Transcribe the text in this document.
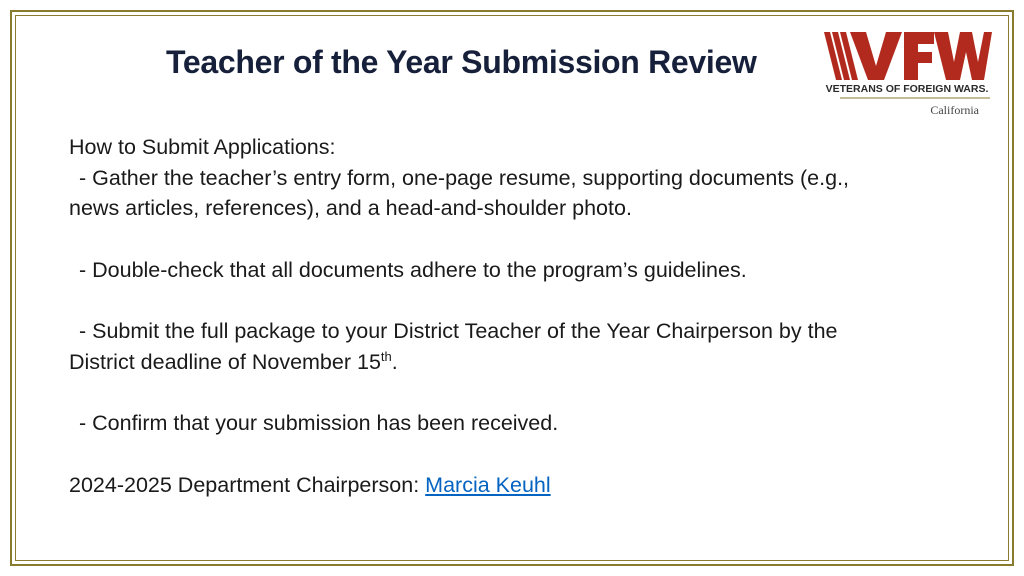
Teacher of the Year Submission Review
VETERANS OF FOREIGN WARS.
California

How to Submit Applications:

- Gather the teacher’s entry form, one-page resume, supporting documents (e.g.,

news articles, references), and a head-and-shoulder photo.

- Double-check that all documents adhere to the program’s guidelines.

- Submit the full package to your District Teacher of the Year Chairperson by the

District deadline of November 15th.

- Confirm that your submission has been received.

2024-2025 Department Chairperson: Marcia Keuhl
